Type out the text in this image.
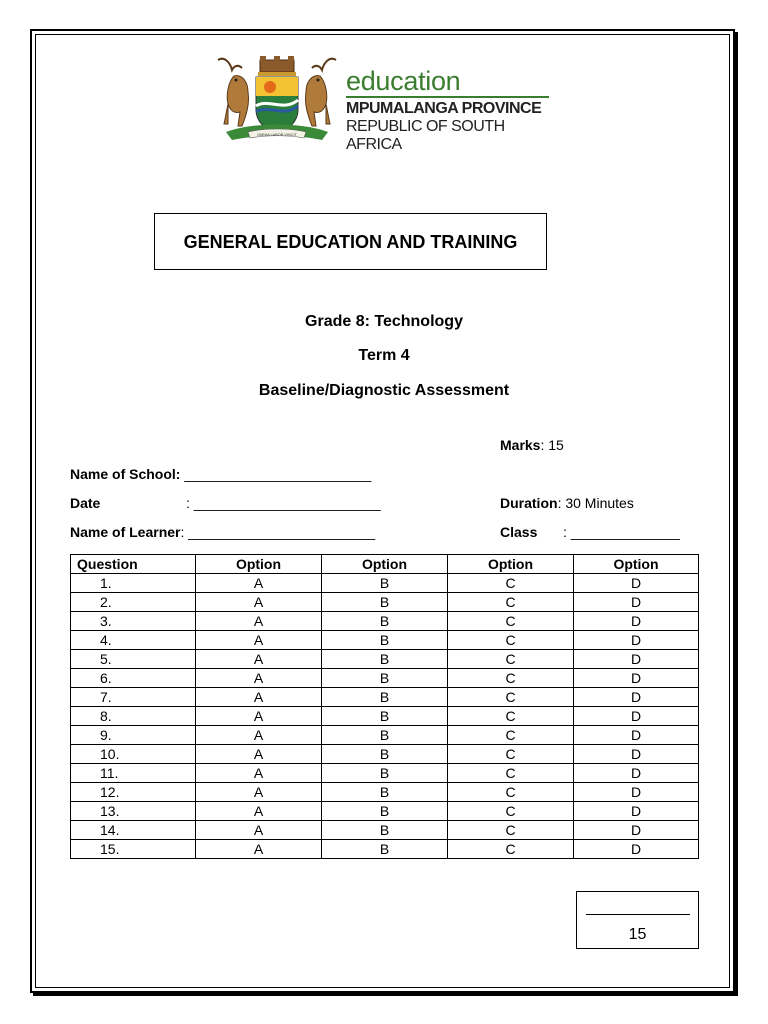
OMNIA LABOR VINCIT
education
MPUMALANGA PROVINCE
REPUBLIC OF SOUTH AFRICA
GENERAL EDUCATION AND TRAINING
Grade 8: Technology
Term 4
Baseline/Diagnostic Assessment
Marks: 15
Name of School: ________________________
Date	: ________________________	Duration: 30 Minutes
Name of Learner: ________________________	Class : ______________
Question	Option	Option	Option	Option
1.	A	B	C	D
2.	A	B	C	D
3.	A	B	C	D
4.	A	B	C	D
5.	A	B	C	D
6.	A	B	C	D
7.	A	B	C	D
8.	A	B	C	D
9.	A	B	C	D
10.	A	B	C	D
11.	A	B	C	D
12.	A	B	C	D
13.	A	B	C	D
14.	A	B	C	D
15.	A	B	C	D
15
